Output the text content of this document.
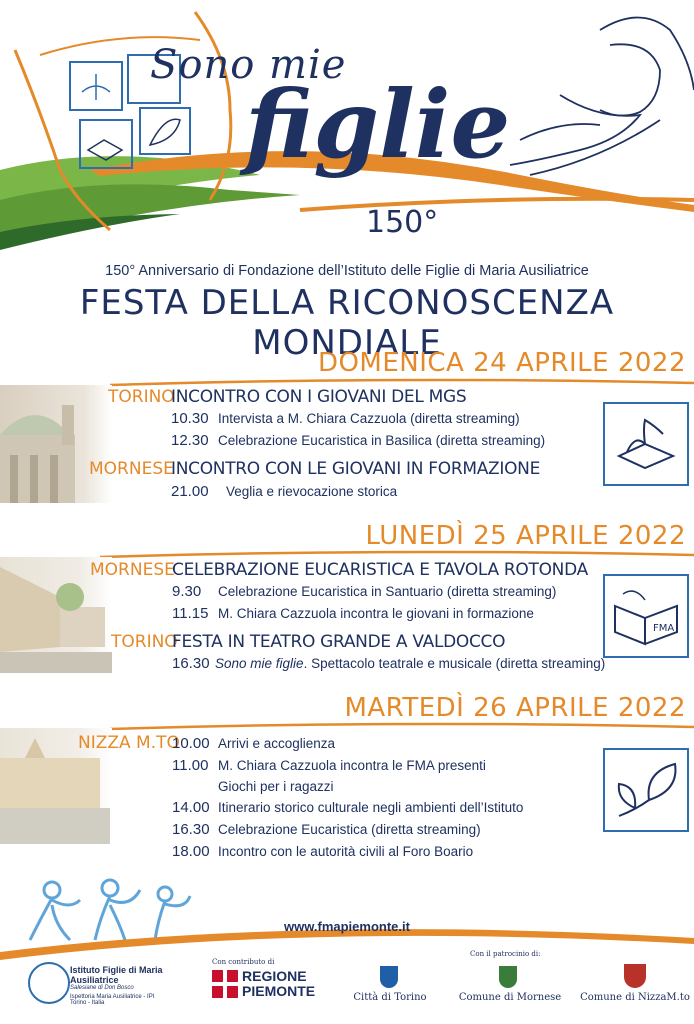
Sono mie
figlie
150°
150° Anniversario di Fondazione dell’Istituto delle Figlie di Maria Ausiliatrice
FESTA DELLA RICONOSCENZA MONDIALE
DOMENICA 24 APRILE 2022
TORINO
INCONTRO CON I GIOVANI DEL MGS
10.30 Intervista a M. Chiara Cazzuola (diretta streaming)
12.30 Celebrazione Eucaristica in Basilica (diretta streaming)
MORNESE
INCONTRO CON LE GIOVANI IN FORMAZIONE
21.00 Veglia e rievocazione storica
LUNEDÌ 25 APRILE 2022
MORNESE
CELEBRAZIONE EUCARISTICA E TAVOLA ROTONDA
9.30 Celebrazione Eucaristica in Santuario (diretta streaming)
11.15 M. Chiara Cazzuola incontra le giovani in formazione
TORINO
FESTA IN TEATRO GRANDE A VALDOCCO
16.30 Sono mie figlie. Spettacolo teatrale e musicale (diretta streaming)
FMA
MARTEDÌ 26 APRILE 2022
NIZZA M.TO
10.00 Arrivi e accoglienza
11.00 M. Chiara Cazzuola incontra le FMA presenti
Giochi per i ragazzi
14.00 Itinerario storico culturale negli ambienti dell’Istituto
16.30 Celebrazione Eucaristica (diretta streaming)
18.00 Incontro con le autorità civili al Foro Boario
www.fmapiemonte.it
Istituto Figlie di Maria Ausiliatrice
Salesiane di Don Bosco
Ispettoria Maria Ausiliatrice - IPI
Torino - Italia
Con contributo di
REGIONE
PIEMONTE
Con il patrocinio di:
Città di Torino	Comune di Mornese Comune di NizzaM.to
